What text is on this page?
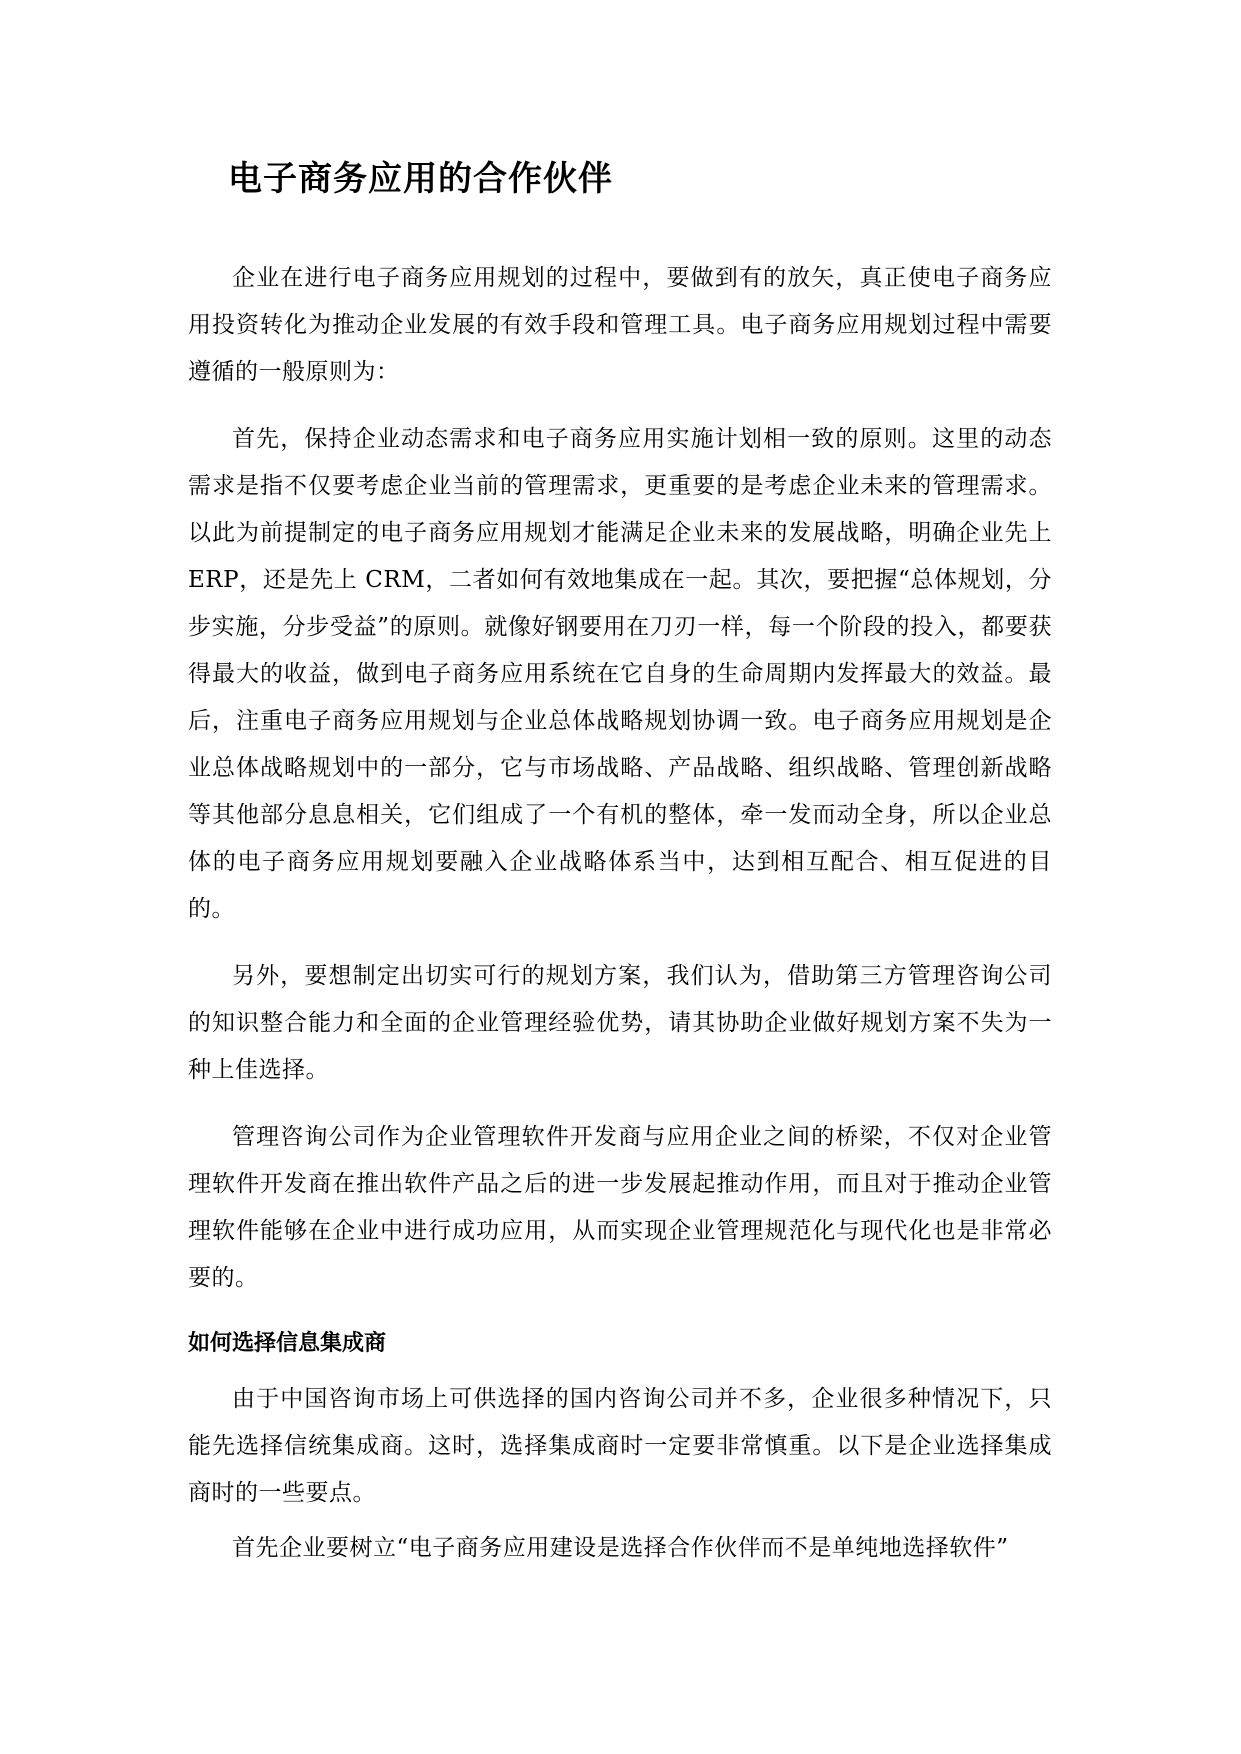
电子商务应用的合作伙伴

企业在进行电子商务应用规划的过程中，要做到有的放矢，真正使电子商务应用投资转化为推动企业发展的有效手段和管理工具。电子商务应用规划过程中需要遵循的一般原则为：

首先，保持企业动态需求和电子商务应用实施计划相一致的原则。这里的动态需求是指不仅要考虑企业当前的管理需求，更重要的是考虑企业未来的管理需求。以此为前提制定的电子商务应用规划才能满足企业未来的发展战略，明确企业先上 ERP，还是先上 CRM，二者如何有效地集成在一起。其次，要把握“总体规划，分步实施，分步受益”的原则。就像好钢要用在刀刃一样，每一个阶段的投入，都要获得最大的收益，做到电子商务应用系统在它自身的生命周期内发挥最大的效益。最后，注重电子商务应用规划与企业总体战略规划协调一致。电子商务应用规划是企业总体战略规划中的一部分，它与市场战略、产品战略、组织战略、管理创新战略等其他部分息息相关，它们组成了一个有机的整体，牵一发而动全身，所以企业总体的电子商务应用规划要融入企业战略体系当中，达到相互配合、相互促进的目的。

另外，要想制定出切实可行的规划方案，我们认为，借助第三方管理咨询公司的知识整合能力和全面的企业管理经验优势，请其协助企业做好规划方案不失为一种上佳选择。

管理咨询公司作为企业管理软件开发商与应用企业之间的桥梁，不仅对企业管理软件开发商在推出软件产品之后的进一步发展起推动作用，而且对于推动企业管理软件能够在企业中进行成功应用，从而实现企业管理规范化与现代化也是非常必要的。

如何选择信息集成商

由于中国咨询市场上可供选择的国内咨询公司并不多，企业很多种情况下，只能先选择信统集成商。这时，选择集成商时一定要非常慎重。以下是企业选择集成商时的一些要点。

首先企业要树立“电子商务应用建设是选择合作伙伴而不是单纯地选择软件”
